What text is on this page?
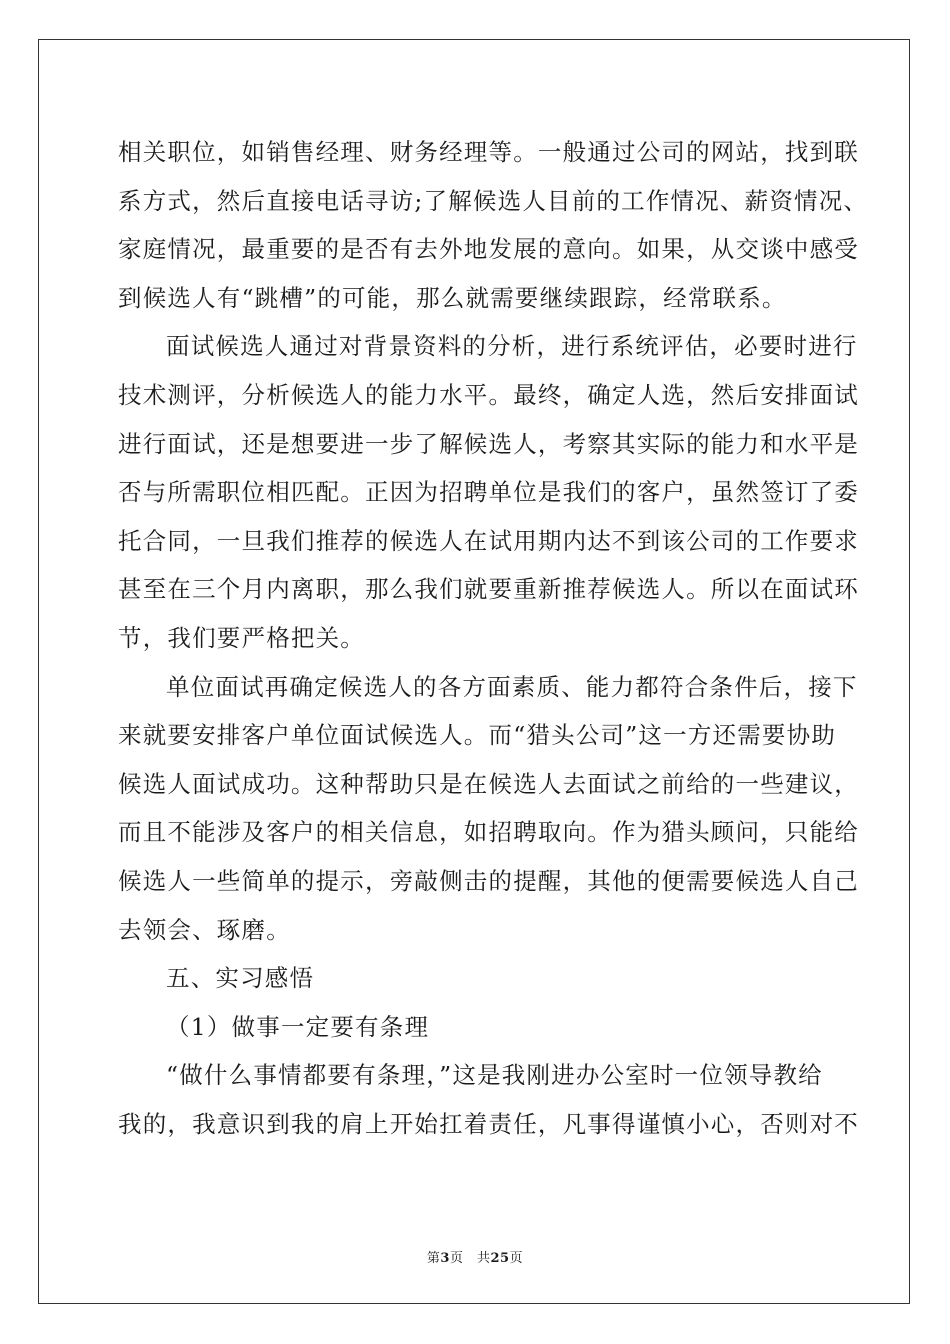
相关职位，如销售经理、财务经理等。一般通过公司的网站，找到联
系方式，然后直接电话寻访;了解候选人目前的工作情况、薪资情况、
家庭情况，最重要的是否有去外地发展的意向。如果，从交谈中感受
到候选人有“跳槽”的可能，那么就需要继续跟踪，经常联系。
面试候选人通过对背景资料的分析，进行系统评估，必要时进行
技术测评，分析候选人的能力水平。最终，确定人选，然后安排面试
进行面试，还是想要进一步了解候选人，考察其实际的能力和水平是
否与所需职位相匹配。正因为招聘单位是我们的客户，虽然签订了委
托合同，一旦我们推荐的候选人在试用期内达不到该公司的工作要求
甚至在三个月内离职，那么我们就要重新推荐候选人。所以在面试环
节，我们要严格把关。
单位面试再确定候选人的各方面素质、能力都符合条件后，接下
来就要安排客户单位面试候选人。而“猎头公司”这一方还需要协助
候选人面试成功。这种帮助只是在候选人去面试之前给的一些建议，
而且不能涉及客户的相关信息，如招聘取向。作为猎头顾问，只能给
候选人一些简单的提示，旁敲侧击的提醒，其他的便需要候选人自己
去领会、琢磨。
五、实习感悟
（1）做事一定要有条理
“做什么事情都要有条理，”这是我刚进办公室时一位领导教给
我的，我意识到我的肩上开始扛着责任，凡事得谨慎小心，否则对不
第3页　共25页
